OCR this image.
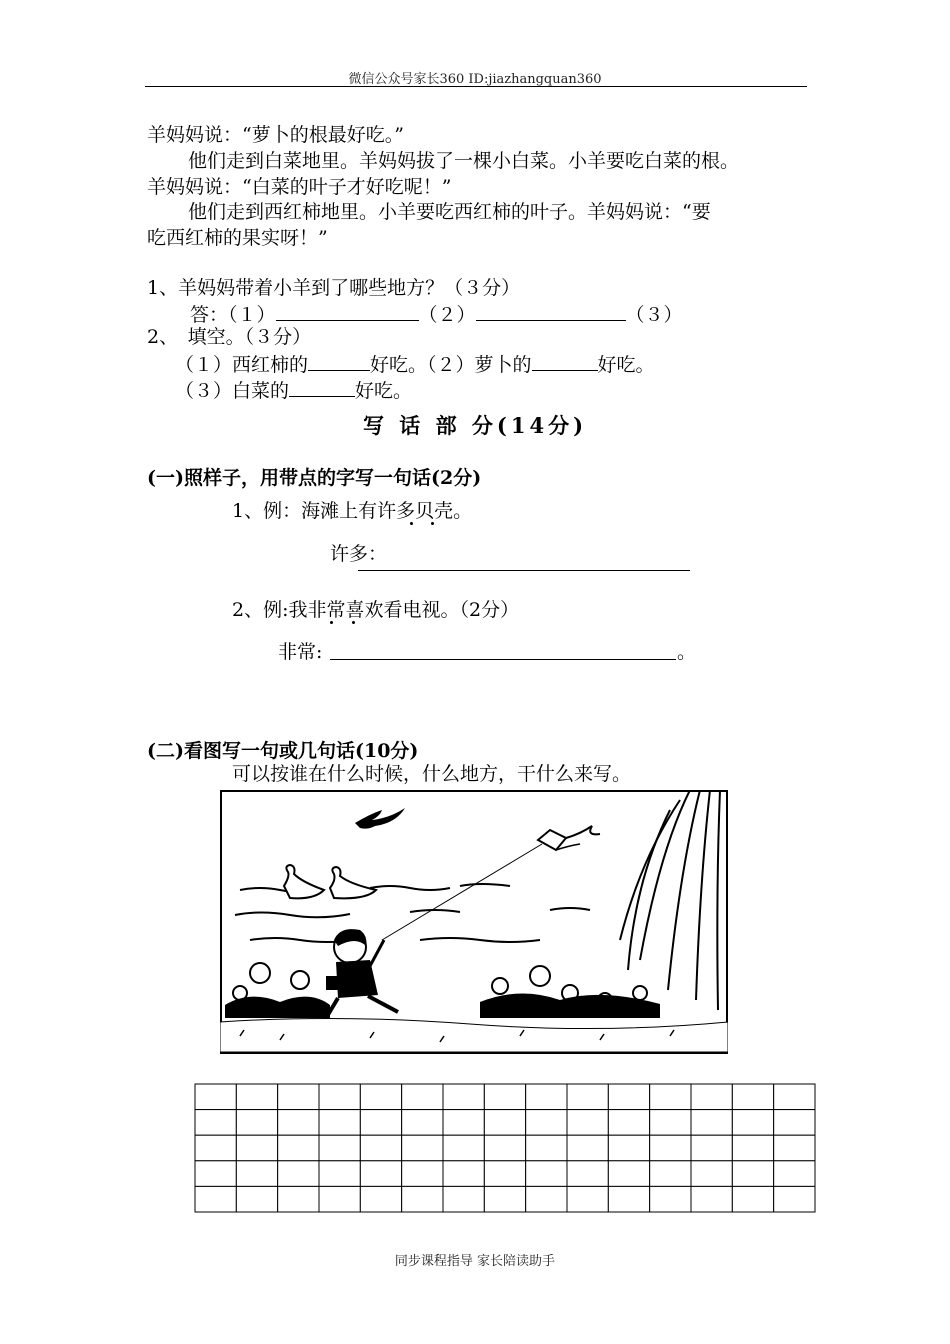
微信公众号家长360 ID:jiazhangquan360
羊妈妈说：“萝卜的根最好吃。”
他们走到白菜地里。羊妈妈拔了一棵小白菜。小羊要吃白菜的根。
羊妈妈说：“白菜的叶子才好吃呢！”
他们走到西红柿地里。小羊要吃西红柿的叶子。羊妈妈说：“要
吃西红柿的果实呀！”
1、羊妈妈带着小羊到了哪些地方？（３分）
答：（１）	（２）	（３）
2、　填空。（３分）
（１）西红柿的	好吃。（２）萝卜的	好吃。
（３）白菜的	好吃。
写 话 部 分(14分)
(一)照样子，用带点的字写一句话(2分)
1、例：海滩上有许多贝壳。
许多：
2、例:我非常喜欢看电视。（2分）
非常:	。
(二)看图写一句或几句话(10分)
可以按谁在什么时候，什么地方，干什么来写。
同步课程指导 家长陪读助手
